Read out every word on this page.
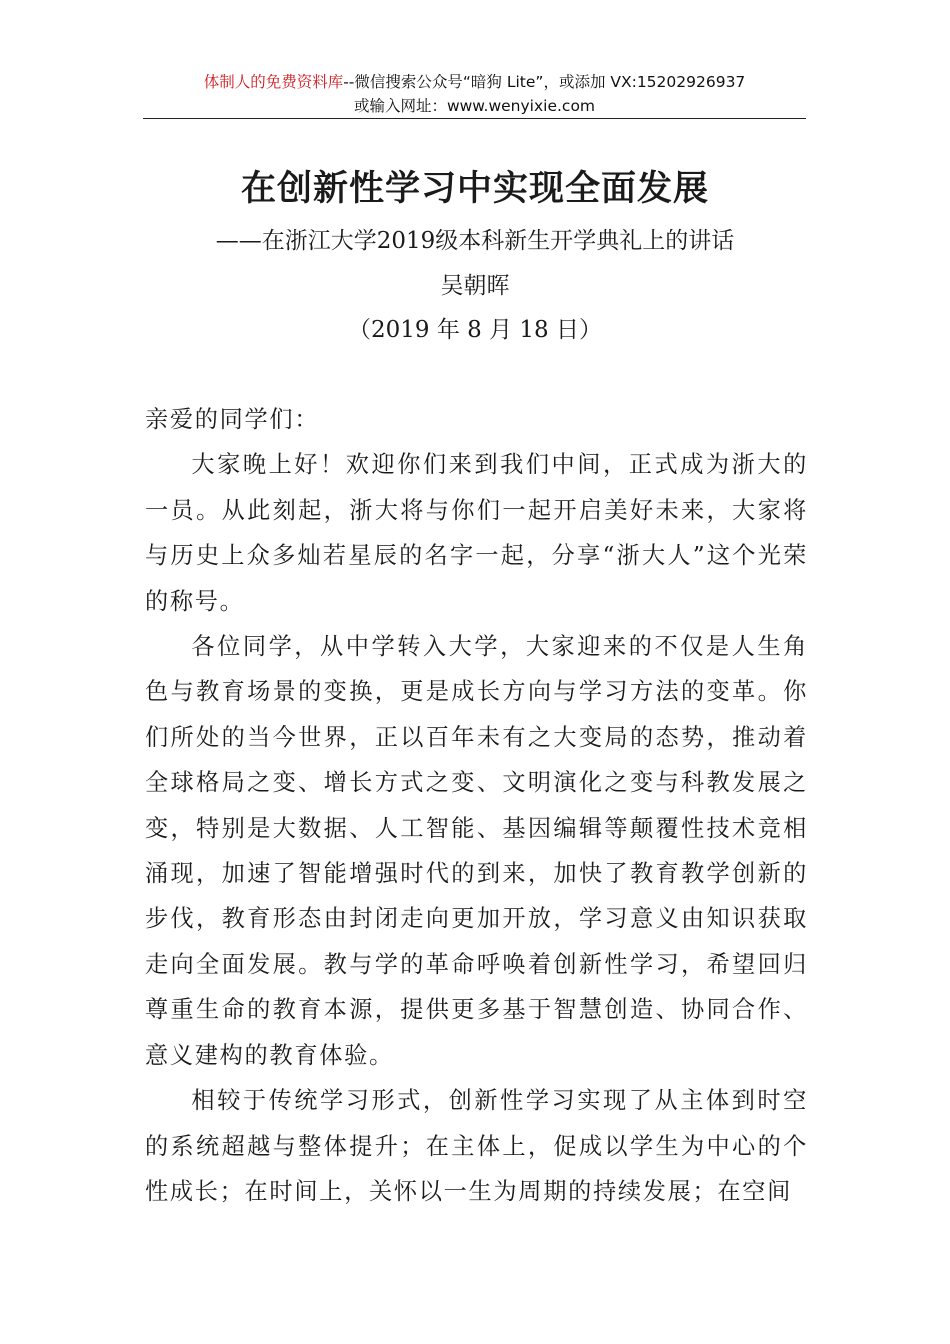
体制人的免费资料库--微信搜索公众号“暗狗 Lite”，或添加 VX:15202926937
或输入网址：www.wenyixie.com
在创新性学习中实现全面发展
——在浙江大学2019级本科新生开学典礼上的讲话
吴朝晖
（2019 年 8 月 18 日）

亲爱的同学们：

大家晚上好！欢迎你们来到我们中间，正式成为浙大的一员。从此刻起，浙大将与你们一起开启美好未来，大家将与历史上众多灿若星辰的名字一起，分享“浙大人”这个光荣的称号。

各位同学，从中学转入大学，大家迎来的不仅是人生角色与教育场景的变换，更是成长方向与学习方法的变革。你们所处的当今世界，正以百年未有之大变局的态势，推动着全球格局之变、增长方式之变、文明演化之变与科教发展之变，特别是大数据、人工智能、基因编辑等颠覆性技术竞相涌现，加速了智能增强时代的到来，加快了教育教学创新的步伐，教育形态由封闭走向更加开放，学习意义由知识获取走向全面发展。教与学的革命呼唤着创新性学习，希望回归尊重生命的教育本源，提供更多基于智慧创造、协同合作、意义建构的教育体验。

相较于传统学习形式，创新性学习实现了从主体到时空的系统超越与整体提升；在主体上，促成以学生为中心的个性成长；在时间上，关怀以一生为周期的持续发展；在空间
